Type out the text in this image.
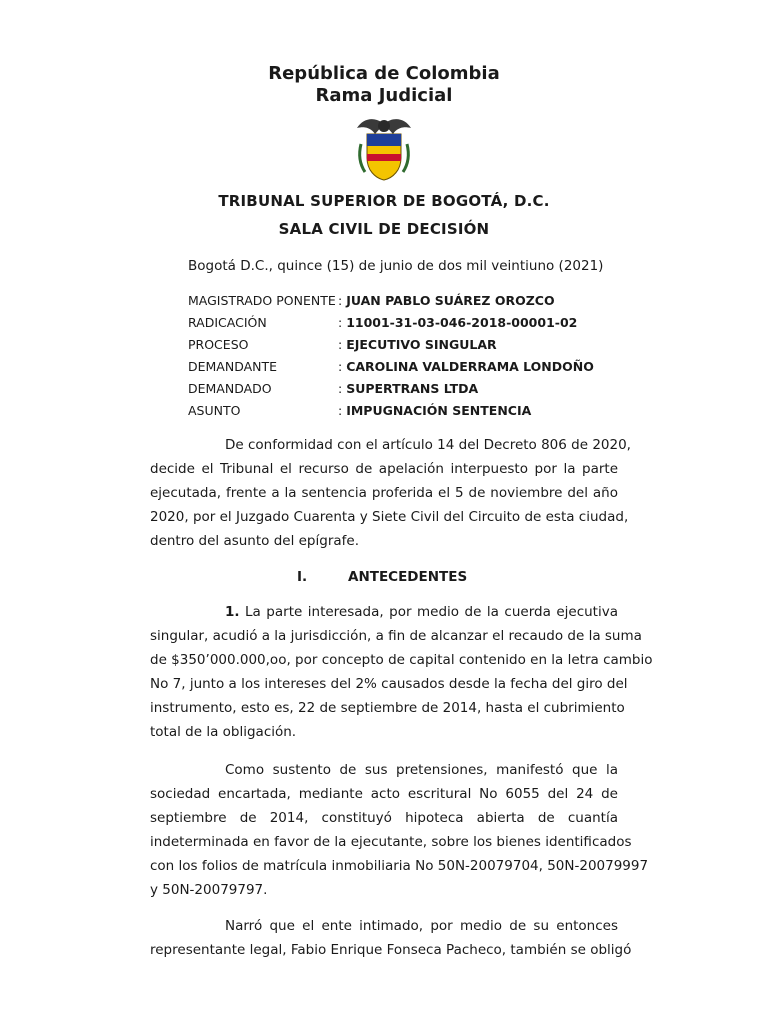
República de Colombia
Rama Judicial
TRIBUNAL SUPERIOR DE BOGOTÁ, D.C.
SALA CIVIL DE DECISIÓN
Bogotá D.C., quince (15) de junio de dos mil veintiuno (2021)
MAGISTRADO PONENTE : JUAN PABLO SUÁREZ OROZCO
RADICACIÓN	: 11001-31-03-046-2018-00001-02
PROCESO	: EJECUTIVO SINGULAR
DEMANDANTE	: CAROLINA VALDERRAMA LONDOÑO
DEMANDADO	: SUPERTRANS LTDA
ASUNTO	: IMPUGNACIÓN SENTENCIA
De conformidad con el artículo 14 del Decreto 806 de 2020,
decide el Tribunal el recurso de apelación interpuesto por la parte
ejecutada, frente a la sentencia proferida el 5 de noviembre del año
2020, por el Juzgado Cuarenta y Siete Civil del Circuito de esta ciudad,
dentro del asunto del epígrafe.
I.	ANTECEDENTES
1. La parte interesada, por medio de la cuerda ejecutiva
singular, acudió a la jurisdicción, a fin de alcanzar el recaudo de la suma
de $350’000.000,oo, por concepto de capital contenido en la letra cambio
No 7, junto a los intereses del 2% causados desde la fecha del giro del
instrumento, esto es, 22 de septiembre de 2014, hasta el cubrimiento
total de la obligación.
Como sustento de sus pretensiones, manifestó que la
sociedad encartada, mediante acto escritural No 6055 del 24 de
septiembre de 2014, constituyó hipoteca abierta de cuantía
indeterminada en favor de la ejecutante, sobre los bienes identificados
con los folios de matrícula inmobiliaria No 50N-20079704, 50N-20079997
y 50N-20079797.
Narró que el ente intimado, por medio de su entonces
representante legal, Fabio Enrique Fonseca Pacheco, también se obligó
